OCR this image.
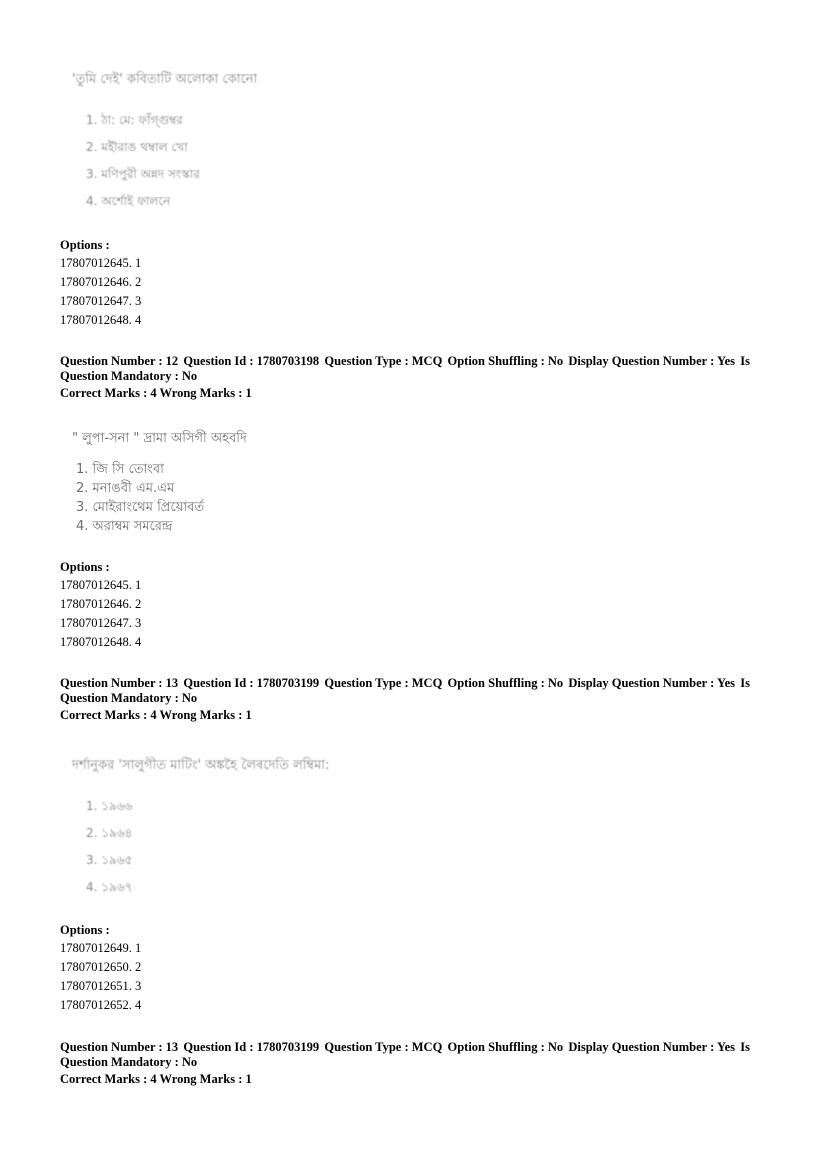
'তুমি দেই' কবিতাটি অলোকা কোনো
1. ঠা: মে: ফাঁগ্গুম্বর
2. মইৗরাঙ থম্বাল খো
3. মণিপুরী অন্নদ সংস্কার
4. অর্শোই ফালনে
Options :
17807012645. 1
17807012646. 2
17807012647. 3
17807012648. 4
Question Number : 12 Question Id : 1780703198 Question Type : MCQ Option Shuffling : No Display Question Number : Yes Is
Question Mandatory : No
Correct Marks : 4 Wrong Marks : 1
" লুপা-সনা " দ্রামা অসিগী অহবদি
1. জি সি তোংবা
2. মনাঙবী এম.এম
3. মোইরাংথেম প্রিয়োবর্ত
4. অরাম্বম সমরেন্দ্র
Options :
17807012645. 1
17807012646. 2
17807012647. 3
17807012648. 4
Question Number : 13 Question Id : 1780703199 Question Type : MCQ Option Shuffling : No Display Question Number : Yes Is
Question Mandatory : No
Correct Marks : 4 Wrong Marks : 1
দর্শানুকর 'সালুগীত মাটিং' অঙ্কহৈ লৈৰদেতি লম্বিমা:
1. ১৯৬৬
2. ১৯৬৪
3. ১৯৬৫
4. ১৯৬৭
Options :
17807012649. 1
17807012650. 2
17807012651. 3
17807012652. 4
Question Number : 13 Question Id : 1780703199 Question Type : MCQ Option Shuffling : No Display Question Number : Yes Is
Question Mandatory : No
Correct Marks : 4 Wrong Marks : 1
